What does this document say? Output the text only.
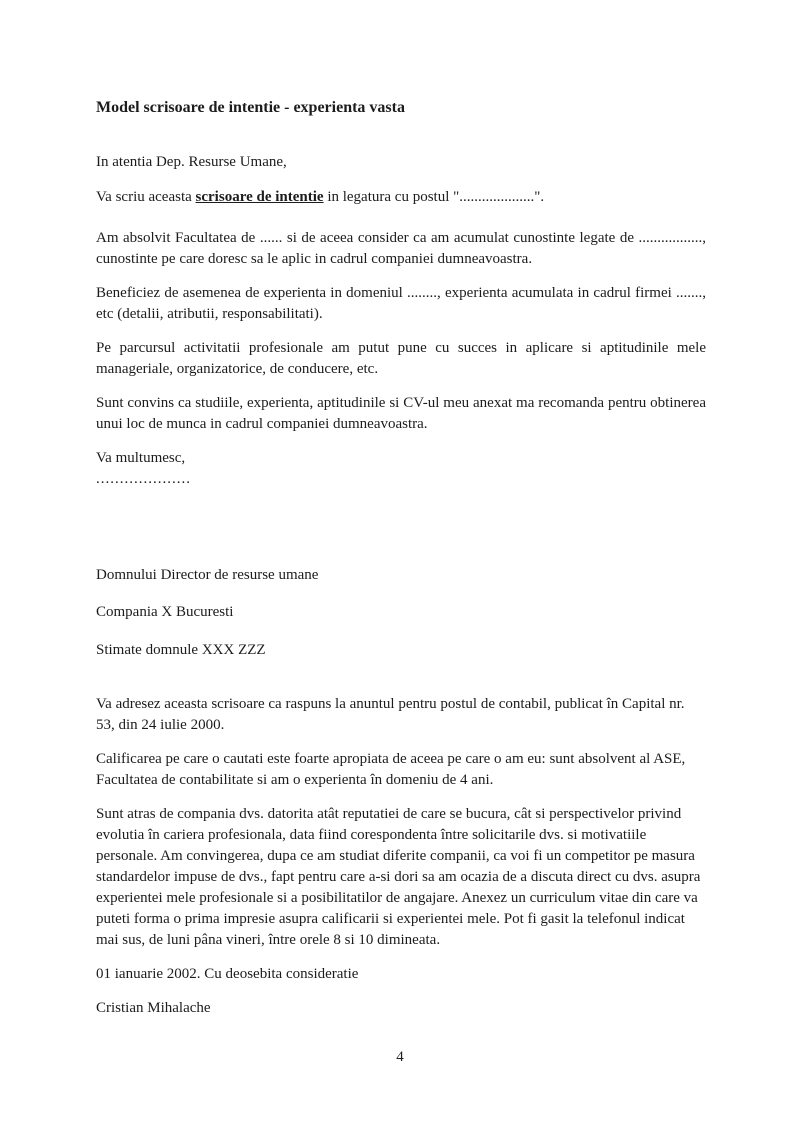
Model scrisoare de intentie - experienta vasta
In atentia Dep. Resurse Umane,
Va scriu aceasta scrisoare de intentie in legatura cu postul "....................".
Am absolvit Facultatea de ...... si de aceea consider ca am acumulat cunostinte legate de ................., cunostinte pe care doresc sa le aplic in cadrul companiei dumneavoastra.
Beneficiez de asemenea de experienta in domeniul ........, experienta acumulata in cadrul firmei ......., etc (detalii, atributii, responsabilitati).
Pe parcursul activitatii profesionale am putut pune cu succes in aplicare si aptitudinile mele manageriale, organizatorice, de conducere, etc.
Sunt convins ca studiile, experienta, aptitudinile si CV-ul meu anexat ma recomanda pentru obtinerea unui loc de munca in cadrul companiei dumneavoastra.
Va multumesc,
....................
Domnului Director de resurse umane
Compania X Bucuresti
Stimate domnule XXX ZZZ
Va adresez aceasta scrisoare ca raspuns la anuntul pentru postul de contabil, publicat în Capital nr. 53, din 24 iulie 2000.
Calificarea pe care o cautati este foarte apropiata de aceea pe care o am eu: sunt absolvent al ASE, Facultatea de contabilitate si am o experienta în domeniu de 4 ani.
Sunt atras de compania dvs. datorita atât reputatiei de care se bucura, cât si perspectivelor privind evolutia în cariera profesionala, data fiind corespondenta între solicitarile dvs. si motivatiile personale. Am convingerea, dupa ce am studiat diferite companii, ca voi fi un competitor pe masura standardelor impuse de dvs., fapt pentru care a-si dori sa am ocazia de a discuta direct cu dvs. asupra experientei mele profesionale si a posibilitatilor de angajare. Anexez un curriculum vitae din care va puteti forma o prima impresie asupra calificarii si experientei mele. Pot fi gasit la telefonul indicat mai sus, de luni pâna vineri, între orele 8 si 10 dimineata.
01 ianuarie 2002. Cu deosebita consideratie
Cristian Mihalache
4
